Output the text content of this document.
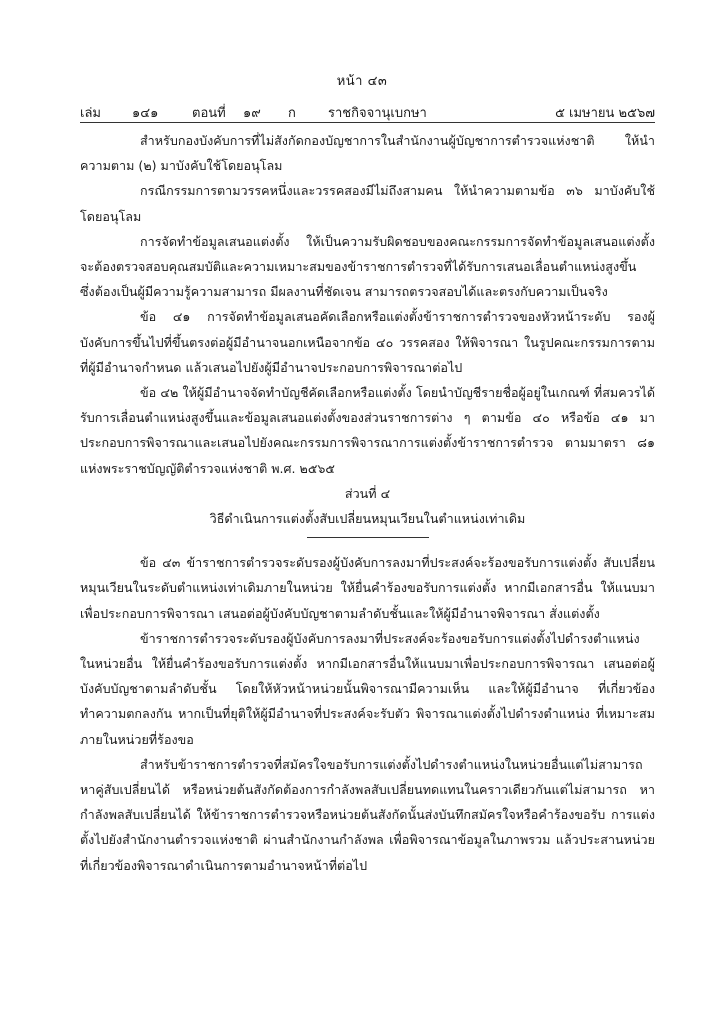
หน้า ๔๓
เล่ม ๑๔๑	ตอนที่ ๑๙ ก ราชกิจจานุเบกษา	๕ เมษายน ๒๕๖๗

สำหรับกองบังคับการที่ไม่สังกัดกองบัญชาการในสำนักงานผู้บัญชาการตำรวจแห่งชาติ ให้นำความตาม (๒) มาบังคับใช้โดยอนุโลม

กรณีกรรมการตามวรรคหนึ่งและวรรคสองมีไม่ถึงสามคน ให้นำความตามข้อ ๓๖ มาบังคับใช้ โดยอนุโลม

การจัดทำข้อมูลเสนอแต่งตั้ง ให้เป็นความรับผิดชอบของคณะกรรมการจัดทำข้อมูลเสนอแต่งตั้ง จะต้องตรวจสอบคุณสมบัติและความเหมาะสมของข้าราชการตำรวจที่ได้รับการเสนอเลื่อนตำแหน่งสูงขึ้น ซึ่งต้องเป็นผู้มีความรู้ความสามารถ มีผลงานที่ชัดเจน สามารถตรวจสอบได้และตรงกับความเป็นจริง

ข้อ ๔๑ การจัดทำข้อมูลเสนอคัดเลือกหรือแต่งตั้งข้าราชการตำรวจของหัวหน้าระดับ รองผู้บังคับการขึ้นไปที่ขึ้นตรงต่อผู้มีอำนาจนอกเหนือจากข้อ ๔๐ วรรคสอง ให้พิจารณา ในรูปคณะกรรมการตามที่ผู้มีอำนาจกำหนด แล้วเสนอไปยังผู้มีอำนาจประกอบการพิจารณาต่อไป

ข้อ ๔๒ ให้ผู้มีอำนาจจัดทำบัญชีคัดเลือกหรือแต่งตั้ง โดยนำบัญชีรายชื่อผู้อยู่ในเกณฑ์ ที่สมควรได้รับการเลื่อนตำแหน่งสูงขึ้นและข้อมูลเสนอแต่งตั้งของส่วนราชการต่าง ๆ ตามข้อ ๔๐ หรือข้อ ๔๑ มาประกอบการพิจารณาและเสนอไปยังคณะกรรมการพิจารณาการแต่งตั้งข้าราชการตำรวจ ตามมาตรา ๘๑ แห่งพระราชบัญญัติตำรวจแห่งชาติ พ.ศ. ๒๕๖๕

ส่วนที่ ๔

วิธีดำเนินการแต่งตั้งสับเปลี่ยนหมุนเวียนในตำแหน่งเท่าเดิม

ข้อ ๔๓ ข้าราชการตำรวจระดับรองผู้บังคับการลงมาที่ประสงค์จะร้องขอรับการแต่งตั้ง สับเปลี่ยนหมุนเวียนในระดับตำแหน่งเท่าเดิมภายในหน่วย ให้ยื่นคำร้องขอรับการแต่งตั้ง หากมีเอกสารอื่น ให้แนบมาเพื่อประกอบการพิจารณา เสนอต่อผู้บังคับบัญชาตามลำดับชั้นและให้ผู้มีอำนาจพิจารณา สั่งแต่งตั้ง

ข้าราชการตำรวจระดับรองผู้บังคับการลงมาที่ประสงค์จะร้องขอรับการแต่งตั้งไปดำรงตำแหน่ง ในหน่วยอื่น ให้ยื่นคำร้องขอรับการแต่งตั้ง หากมีเอกสารอื่นให้แนบมาเพื่อประกอบการพิจารณา เสนอต่อผู้บังคับบัญชาตามลำดับชั้น โดยให้หัวหน้าหน่วยนั้นพิจารณามีความเห็น และให้ผู้มีอำนาจ ที่เกี่ยวข้องทำความตกลงกัน หากเป็นที่ยุติให้ผู้มีอำนาจที่ประสงค์จะรับตัว พิจารณาแต่งตั้งไปดำรงตำแหน่ง ที่เหมาะสมภายในหน่วยที่ร้องขอ

สำหรับข้าราชการตำรวจที่สมัครใจขอรับการแต่งตั้งไปดำรงตำแหน่งในหน่วยอื่นแต่ไม่สามารถ หาคู่สับเปลี่ยนได้ หรือหน่วยต้นสังกัดต้องการกำลังพลสับเปลี่ยนทดแทนในคราวเดียวกันแต่ไม่สามารถ หากำลังพลสับเปลี่ยนได้ ให้ข้าราชการตำรวจหรือหน่วยต้นสังกัดนั้นส่งบันทึกสมัครใจหรือคำร้องขอรับ การแต่งตั้งไปยังสำนักงานตำรวจแห่งชาติ ผ่านสำนักงานกำลังพล เพื่อพิจารณาข้อมูลในภาพรวม แล้วประสานหน่วยที่เกี่ยวข้องพิจารณาดำเนินการตามอำนาจหน้าที่ต่อไป
